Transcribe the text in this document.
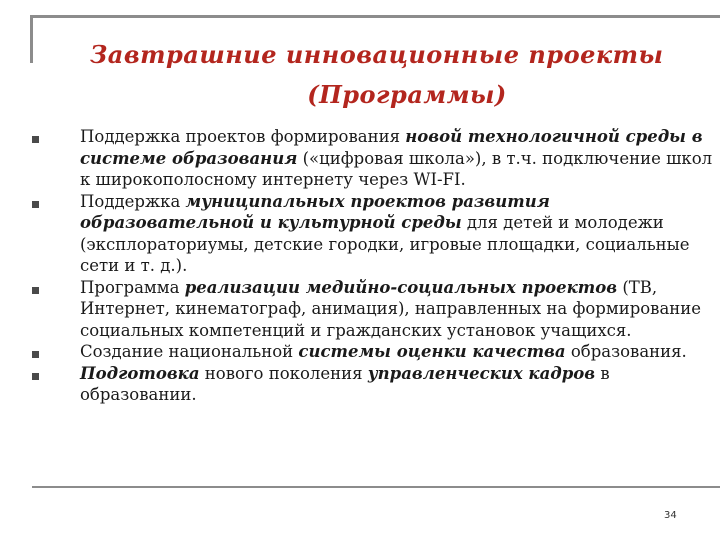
Завтрашние инновационные проекты
(Программы)
Поддержка проектов формирования новой технологичной среды в системе образования («цифровая школа»), в т.ч. подключение школ к широкополосному интернету через WI-FI.
Поддержка муниципальных проектов развития образовательной и культурной среды для детей и молодежи (эксплораториумы, детские городки, игровые площадки, социальные сети и т. д.).
Программа реализации медийно-социальных проектов (ТВ, Интернет, кинематограф, анимация), направленных на формирование социальных компетенций и гражданских установок учащихся.
Создание национальной системы оценки качества образования.
Подготовка нового поколения управленческих кадров в образовании.
34
